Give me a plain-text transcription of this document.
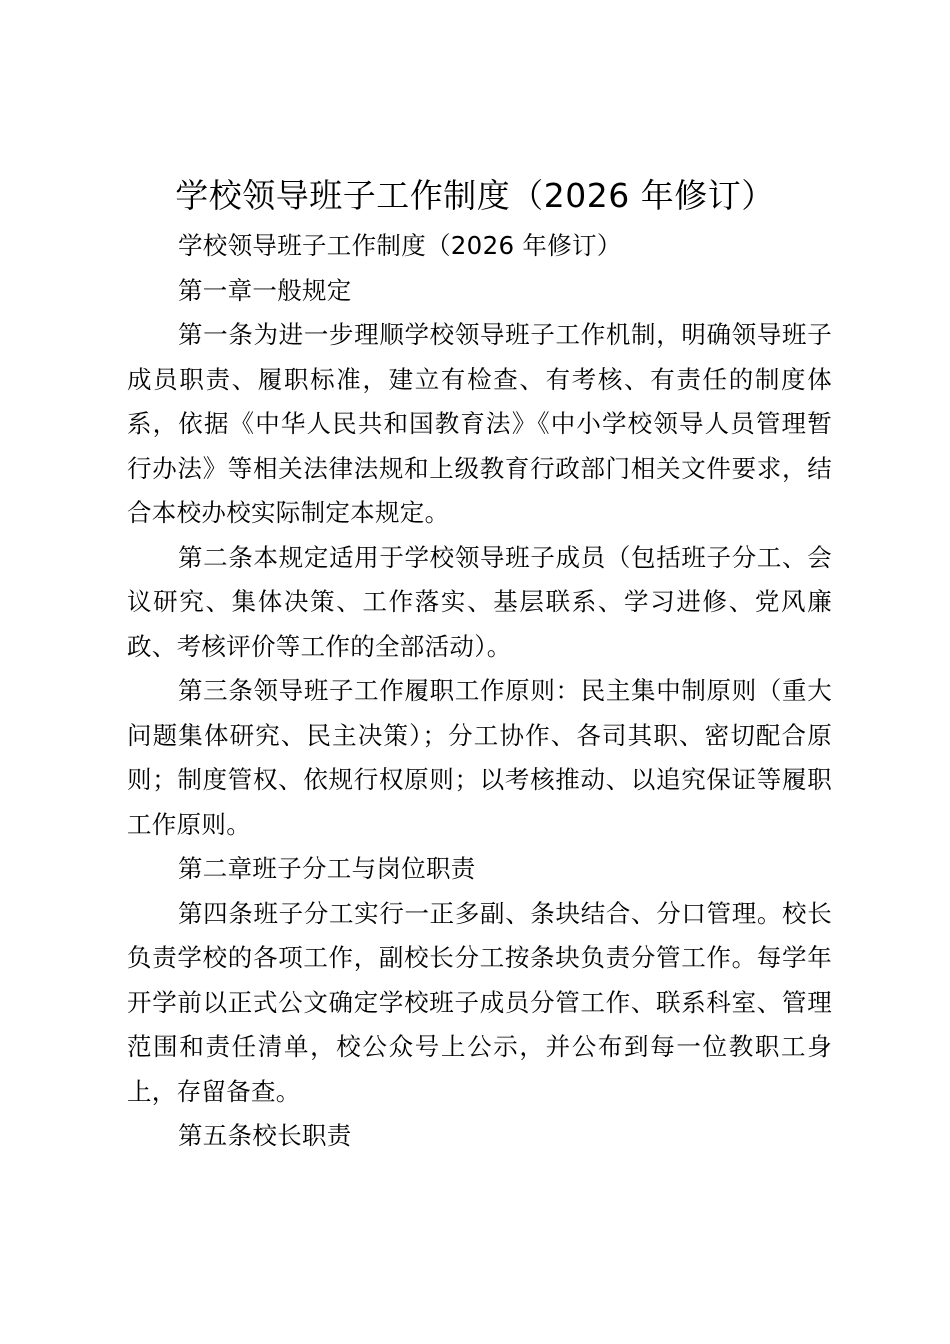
学校领导班子工作制度（2026 年修订）

学校领导班子工作制度（2026 年修订）

第一章一般规定

第一条为进一步理顺学校领导班子工作机制，明确领导班子成员职责、履职标准，建立有检查、有考核、有责任的制度体系，依据《中华人民共和国教育法》《中小学校领导人员管理暂行办法》等相关法律法规和上级教育行政部门相关文件要求，结合本校办校实际制定本规定。

第二条本规定适用于学校领导班子成员（包括班子分工、会议研究、集体决策、工作落实、基层联系、学习进修、党风廉政、考核评价等工作的全部活动）。

第三条领导班子工作履职工作原则：民主集中制原则（重大问题集体研究、民主决策）；分工协作、各司其职、密切配合原则；制度管权、依规行权原则；以考核推动、以追究保证等履职工作原则。

第二章班子分工与岗位职责

第四条班子分工实行一正多副、条块结合、分口管理。校长负责学校的各项工作，副校长分工按条块负责分管工作。每学年开学前以正式公文确定学校班子成员分管工作、联系科室、管理范围和责任清单，校公众号上公示，并公布到每一位教职工身上，存留备查。

第五条校长职责
